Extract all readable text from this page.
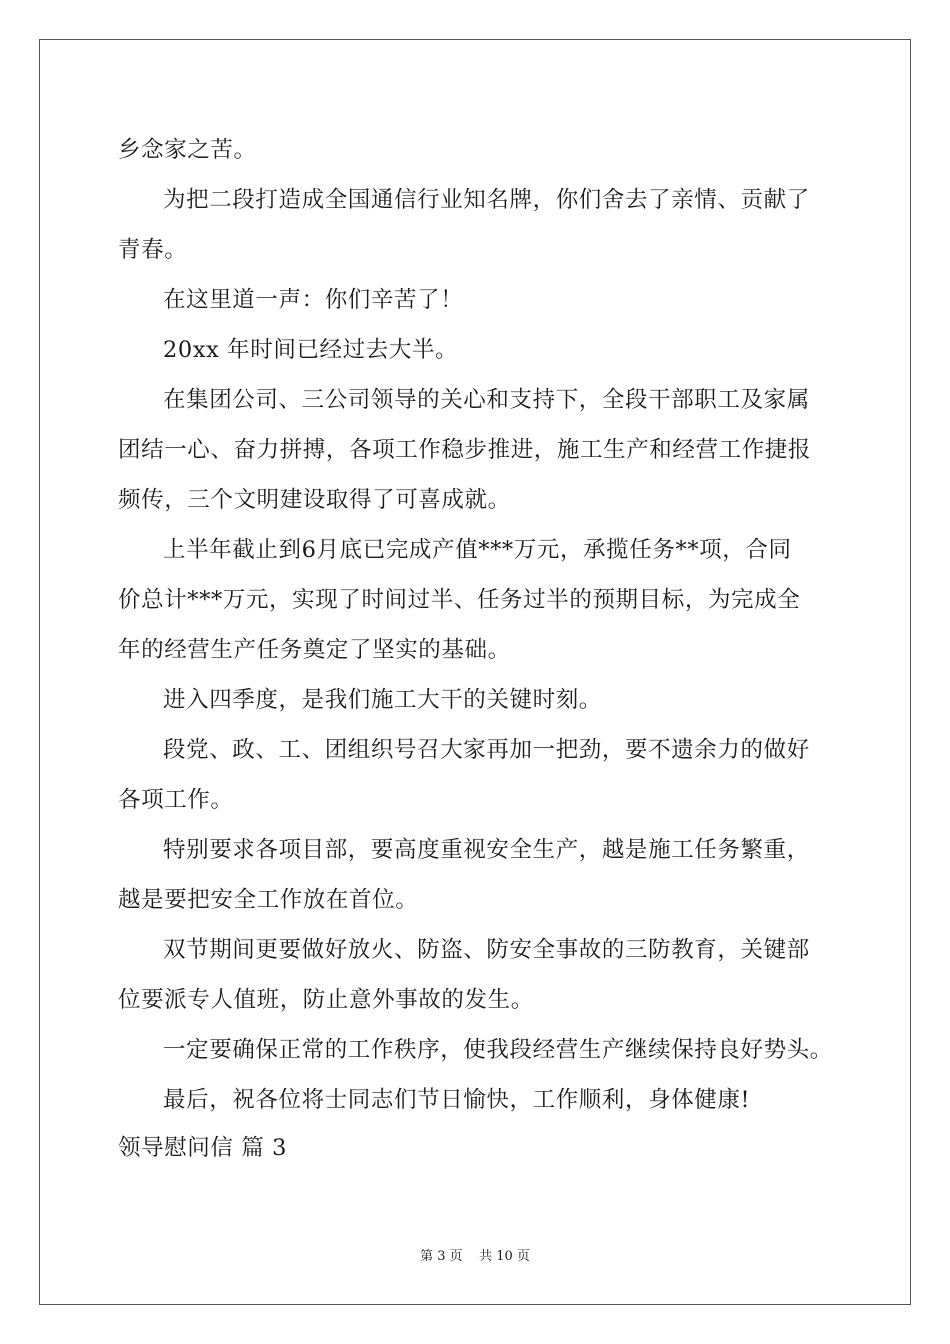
乡念家之苦。
为把二段打造成全国通信行业知名牌，你们舍去了亲情、贡献了
青春。
在这里道一声：你们辛苦了！
20xx 年时间已经过去大半。
在集团公司、三公司领导的关心和支持下，全段干部职工及家属
团结一心、奋力拼搏，各项工作稳步推进，施工生产和经营工作捷报
频传，三个文明建设取得了可喜成就。
上半年截止到6月底已完成产值***万元，承揽任务**项，合同
价总计***万元，实现了时间过半、任务过半的预期目标，为完成全
年的经营生产任务奠定了坚实的基础。
进入四季度，是我们施工大干的关键时刻。
段党、政、工、团组织号召大家再加一把劲，要不遗余力的做好
各项工作。
特别要求各项目部，要高度重视安全生产，越是施工任务繁重，
越是要把安全工作放在首位。
双节期间更要做好放火、防盗、防安全事故的三防教育，关键部
位要派专人值班，防止意外事故的发生。
一定要确保正常的工作秩序，使我段经营生产继续保持良好势头。
最后，祝各位将士同志们节日愉快，工作顺利，身体健康!
领导慰问信 篇 3
第 3 页    共 10 页
